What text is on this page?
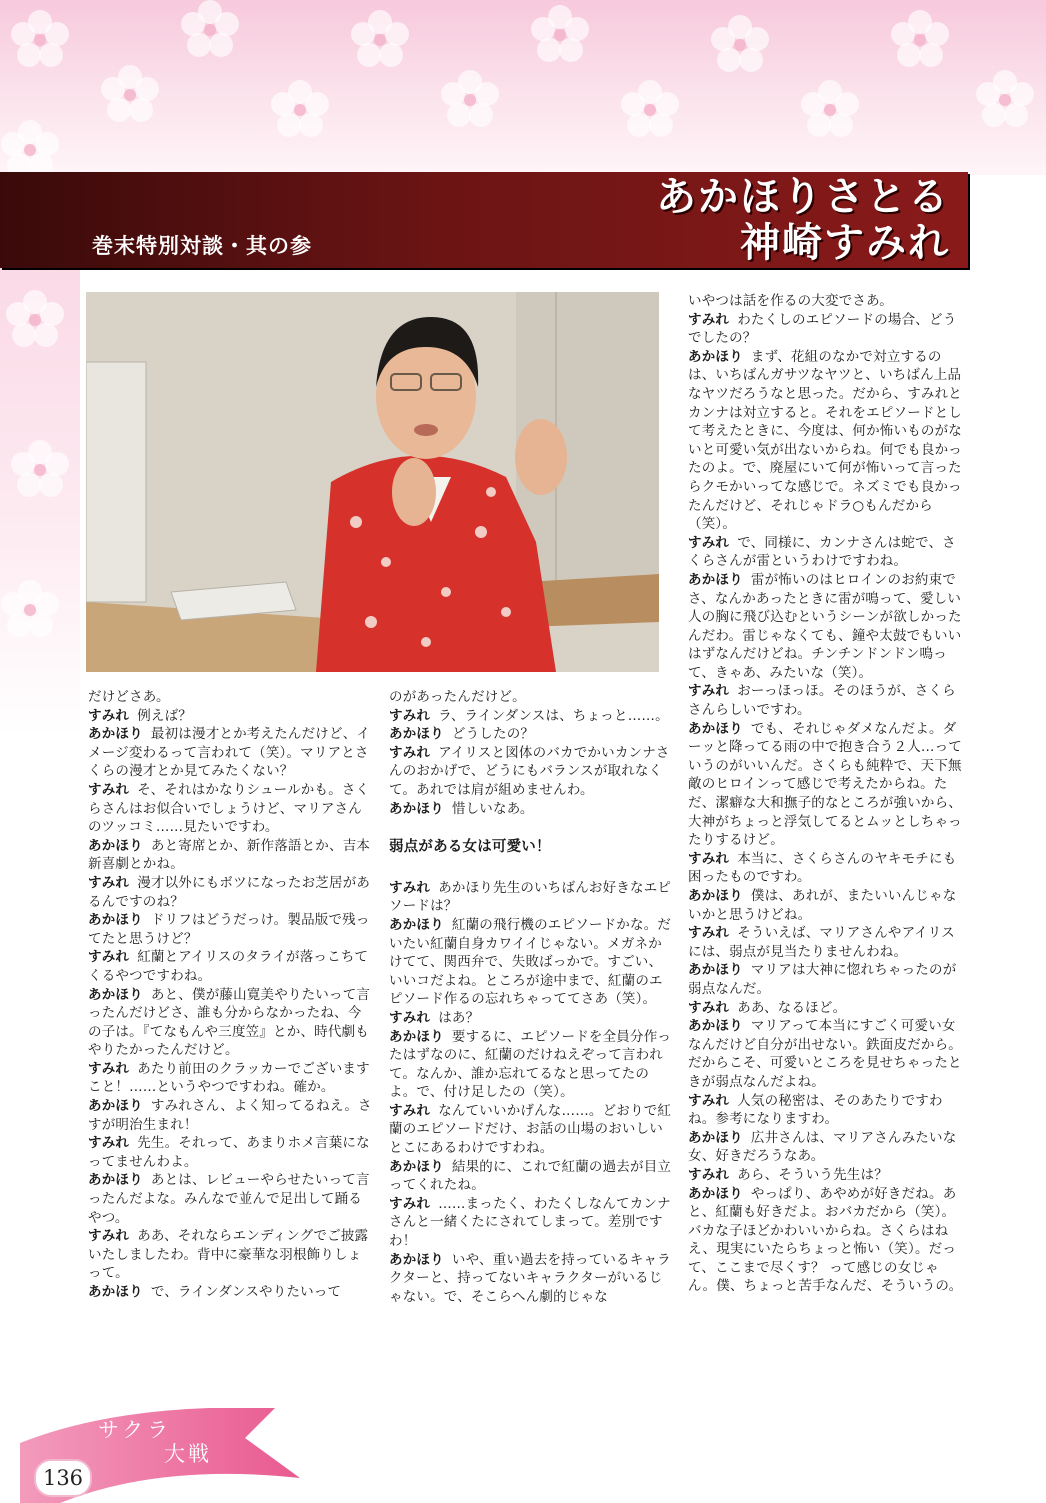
あかほりさとる
神崎すみれ
巻末特別対談・其の参

だけどさあ。

すみれ 例えば？

あかほり 最初は漫才とか考えたんだけど、イメージ変わるって言われて（笑）。マリアとさくらの漫才とか見てみたくない？

すみれ そ、それはかなりシュールかも。さくらさんはお似合いでしょうけど、マリアさんのツッコミ……見たいですわ。

あかほり あと寄席とか、新作落語とか、吉本新喜劇とかね。

すみれ 漫才以外にもボツになったお芝居があるんですのね？

あかほり ドリフはどうだっけ。製品版で残ってたと思うけど？

すみれ 紅蘭とアイリスのタライが落っこちてくるやつですわね。

あかほり あと、僕が藤山寛美やりたいって言ったんだけどさ、誰も分からなかったね、今の子は。『てなもんや三度笠』とか、時代劇もやりたかったんだけど。

すみれ あたり前田のクラッカーでございますこと！……というやつですわね。確か。

あかほり すみれさん、よく知ってるねえ。さすが明治生まれ！

すみれ 先生。それって、あまりホメ言葉になってませんわよ。

あかほり あとは、レビューやらせたいって言ったんだよな。みんなで並んで足出して踊るやつ。

すみれ ああ、それならエンディングでご披露いたしましたわ。背中に豪華な羽根飾りしょって。

あかほり で、ラインダンスやりたいって

のがあったんだけど。

すみれ ラ、ラインダンスは、ちょっと……。

あかほり どうしたの？

すみれ アイリスと図体のバカでかいカンナさんのおかげで、どうにもバランスが取れなくて。あれでは肩が組めませんわ。

あかほり 惜しいなあ。

弱点がある女は可愛い！

すみれ あかほり先生のいちばんお好きなエピソードは？

あかほり 紅蘭の飛行機のエピソードかな。だいたい紅蘭自身カワイイじゃない。メガネかけてて、関西弁で、失敗ばっかで。すごい、いいコだよね。ところが途中まで、紅蘭のエピソード作るの忘れちゃっててさあ（笑）。

すみれ はあ？

あかほり 要するに、エピソードを全員分作ったはずなのに、紅蘭のだけねえぞって言われて。なんか、誰か忘れてるなと思ってたのよ。で、付け足したの（笑）。

すみれ なんていいかげんな……。どおりで紅蘭のエピソードだけ、お話の山場のおいしいとこにあるわけですわね。

あかほり 結果的に、これで紅蘭の過去が目立ってくれたね。

すみれ ……まったく、わたくしなんてカンナさんと一緒くたにされてしまって。差別ですわ！

あかほり いや、重い過去を持っているキャラクターと、持ってないキャラクターがいるじゃない。で、そこらへん劇的じゃな

いやつは話を作るの大変でさあ。

すみれ わたくしのエピソードの場合、どうでしたの？

あかほり まず、花組のなかで対立するのは、いちばんガサツなヤツと、いちばん上品なヤツだろうなと思った。だから、すみれとカンナは対立すると。それをエピソードとして考えたときに、今度は、何か怖いものがないと可愛い気が出ないからね。何でも良かったのよ。で、廃屋にいて何が怖いって言ったらクモかいってな感じで。ネズミでも良かったんだけど、それじゃドラ○もんだから（笑）。

すみれ で、同様に、カンナさんは蛇で、さくらさんが雷というわけですわね。

あかほり 雷が怖いのはヒロインのお約束でさ、なんかあったときに雷が鳴って、愛しい人の胸に飛び込むというシーンが欲しかったんだわ。雷じゃなくても、鐘や太鼓でもいいはずなんだけどね。チンチンドンドン鳴って、きゃあ、みたいな（笑）。

すみれ おーっほっほ。そのほうが、さくらさんらしいですわ。

あかほり でも、それじゃダメなんだよ。ダーッと降ってる雨の中で抱き合う２人…っていうのがいいんだ。さくらも純粋で、天下無敵のヒロインって感じで考えたからね。ただ、潔癖な大和撫子的なところが強いから、大神がちょっと浮気してるとムッとしちゃったりするけど。

すみれ 本当に、さくらさんのヤキモチにも困ったものですわ。

あかほり 僕は、あれが、またいいんじゃないかと思うけどね。

すみれ そういえば、マリアさんやアイリスには、弱点が見当たりませんわね。

あかほり マリアは大神に惚れちゃったのが弱点なんだ。

すみれ ああ、なるほど。

あかほり マリアって本当にすごく可愛い女なんだけど自分が出せない。鉄面皮だから。だからこそ、可愛いところを見せちゃったときが弱点なんだよね。

すみれ 人気の秘密は、そのあたりですわね。参考になりますわ。

あかほり 広井さんは、マリアさんみたいな女、好きだろうなあ。

すみれ あら、そういう先生は？

あかほり やっぱり、あやめが好きだね。あと、紅蘭も好きだよ。おバカだから（笑）。バカな子ほどかわいいからね。さくらはねえ、現実にいたらちょっと怖い（笑）。だって、ここまで尽くす？ って感じの女じゃん。僕、ちょっと苦手なんだ、そういうの。

サクラ
大戦
136
